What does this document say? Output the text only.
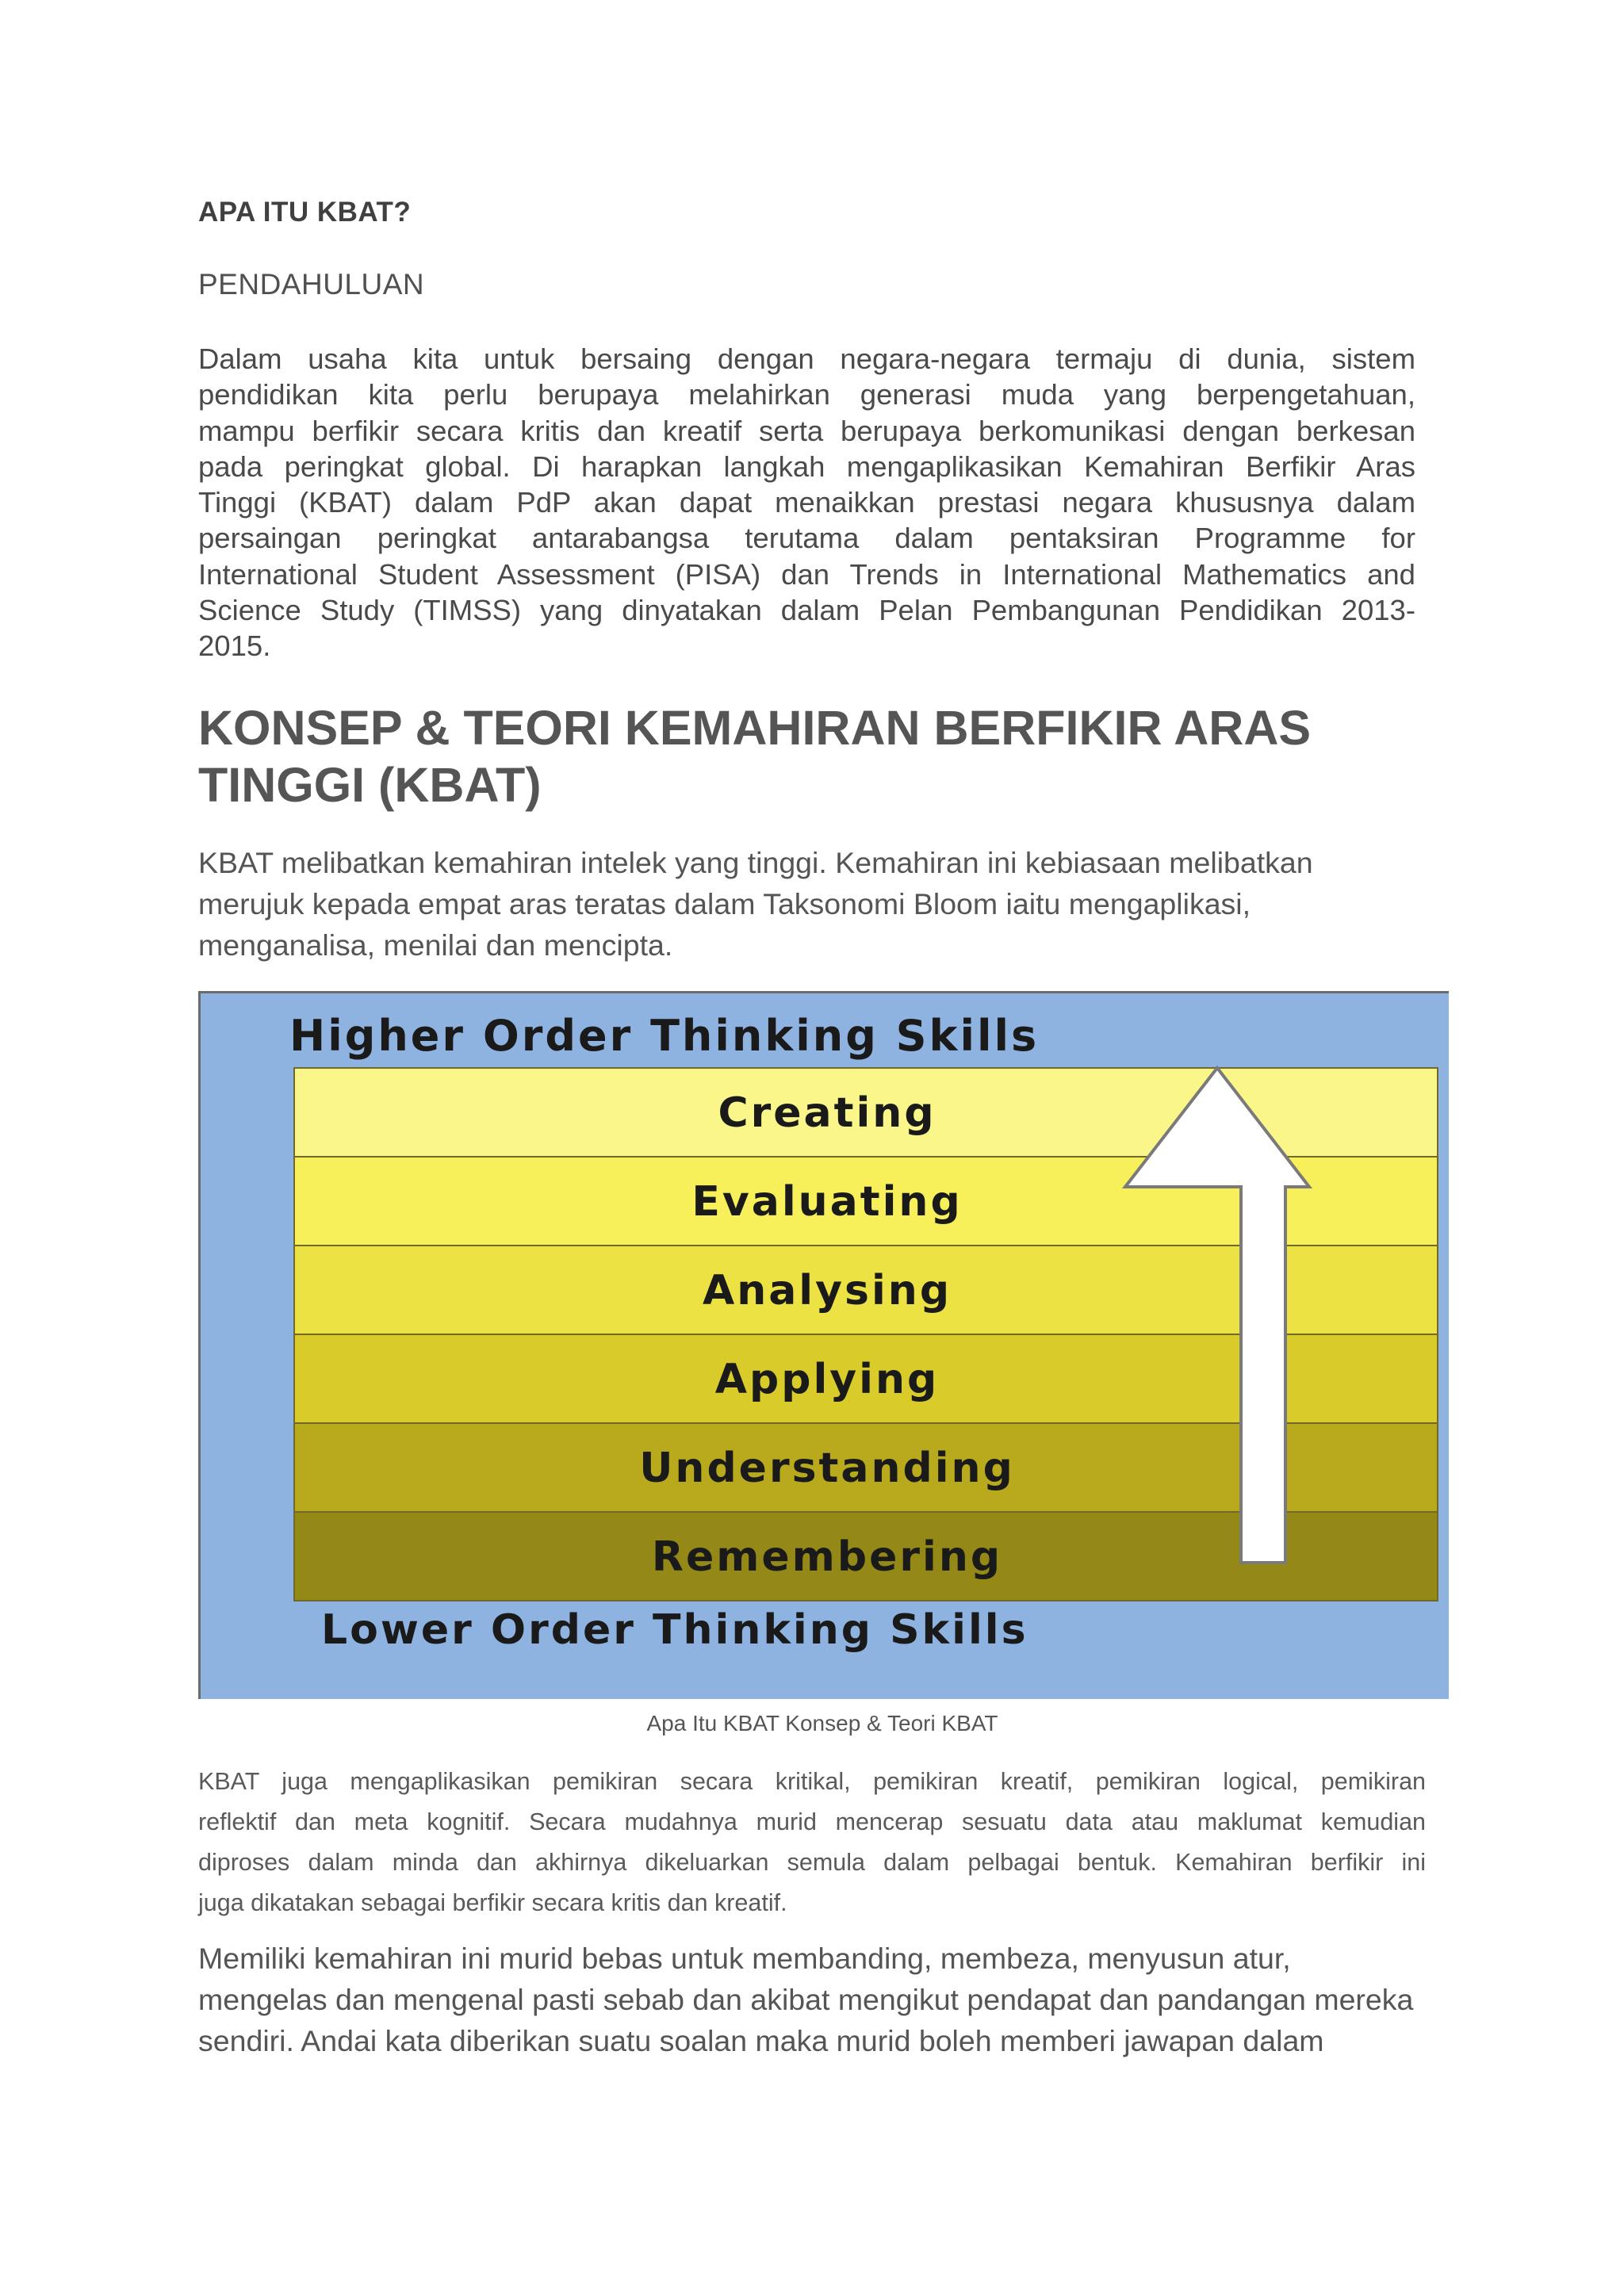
APA ITU KBAT?
PENDAHULUAN
Dalam usaha kita untuk bersaing dengan negara-negara termaju di dunia, sistem
pendidikan kita perlu berupaya melahirkan generasi muda yang berpengetahuan,
mampu berfikir secara kritis dan kreatif serta berupaya berkomunikasi dengan berkesan
pada peringkat global. Di harapkan langkah mengaplikasikan Kemahiran Berfikir Aras
Tinggi (KBAT) dalam PdP akan dapat menaikkan prestasi negara khususnya dalam
persaingan peringkat antarabangsa terutama dalam pentaksiran Programme for
International Student Assessment (PISA) dan Trends in International Mathematics and
Science Study (TIMSS) yang dinyatakan dalam Pelan Pembangunan Pendidikan 2013-
2015.
KONSEP & TEORI KEMAHIRAN BERFIKIR ARAS
TINGGI (KBAT)
KBAT melibatkan kemahiran intelek yang tinggi. Kemahiran ini kebiasaan melibatkan
merujuk kepada empat aras teratas dalam Taksonomi Bloom iaitu mengaplikasi,
menganalisa, menilai dan mencipta.
Higher Order Thinking Skills
Creating
Evaluating
Analysing
Applying
Understanding
Remembering
Lower Order Thinking Skills
Apa Itu KBAT Konsep & Teori KBAT
KBAT juga mengaplikasikan pemikiran secara kritikal, pemikiran kreatif, pemikiran logical, pemikiran
reflektif dan meta kognitif. Secara mudahnya murid mencerap sesuatu data atau maklumat kemudian
diproses dalam minda dan akhirnya dikeluarkan semula dalam pelbagai bentuk. Kemahiran berfikir ini
juga dikatakan sebagai berfikir secara kritis dan kreatif.
Memiliki kemahiran ini murid bebas untuk membanding, membeza, menyusun atur,
mengelas dan mengenal pasti sebab dan akibat mengikut pendapat dan pandangan mereka
sendiri. Andai kata diberikan suatu soalan maka murid boleh memberi jawapan dalam
